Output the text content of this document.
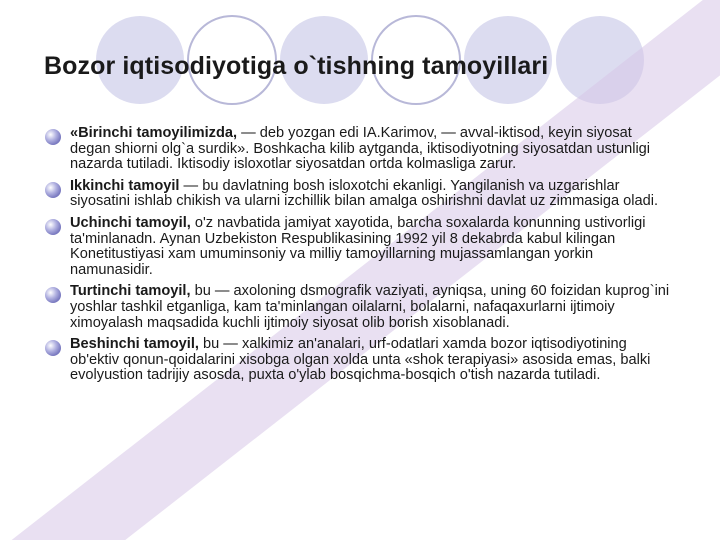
Bozor iqtisodiyotiga o`tishning tamoyillari
«Birinchi tamoyilimizda, — deb yozgan edi IA.Karimov, — avval-iktisod, keyin siyosat degan shiorni olg`a surdik». Boshkacha kilib aytganda, iktisodiyotning siyosatdan ustunligi nazarda tutiladi. Iktisodiy isloxotlar siyosatdan ortda kolmasliga zarur.
Ikkinchi tamoyil — bu davlatning bosh isloxotchi ekanligi. Yangilanish va uzgarishlar siyosatini ishlab chikish va ularni izchillik bilan amalga oshirishni davlat uz zimmasiga oladi.
Uchinchi tamoyil, o'z navbatida jamiyat xayotida, barcha soxalarda konunning ustivorligi ta'minlanadn. Aynan Uzbekiston Respublikasining 1992 yil 8 dekabrda kabul kilingan Konetitustiyasi xam umuminsoniy va milliy tamoyillarning mujassamlangan yorkin namunasidir.
Turtinchi tamoyil, bu — axoloning dsmografik vaziyati, ayniqsa, uning 60 foizidan kuprog`ini yoshlar tashkil etganliga, kam ta'minlangan oilalarni, bolalarni, nafaqaxurlarni ijtimoiy ximoyalash maqsadida kuchli ijtimoiy siyosat olib borish xisoblanadi.
Beshinchi tamoyil, bu — xalkimiz an'analari, urf-odatlari xamda bozor iqtisodiyotining ob'ektiv qonun-qoidalarini xisobga olgan xolda unta «shok terapiyasi» asosida emas, balki evolyustion tadrijiy asosda, puxta o'ylab bosqichma-bosqich o'tish nazarda tutiladi.
